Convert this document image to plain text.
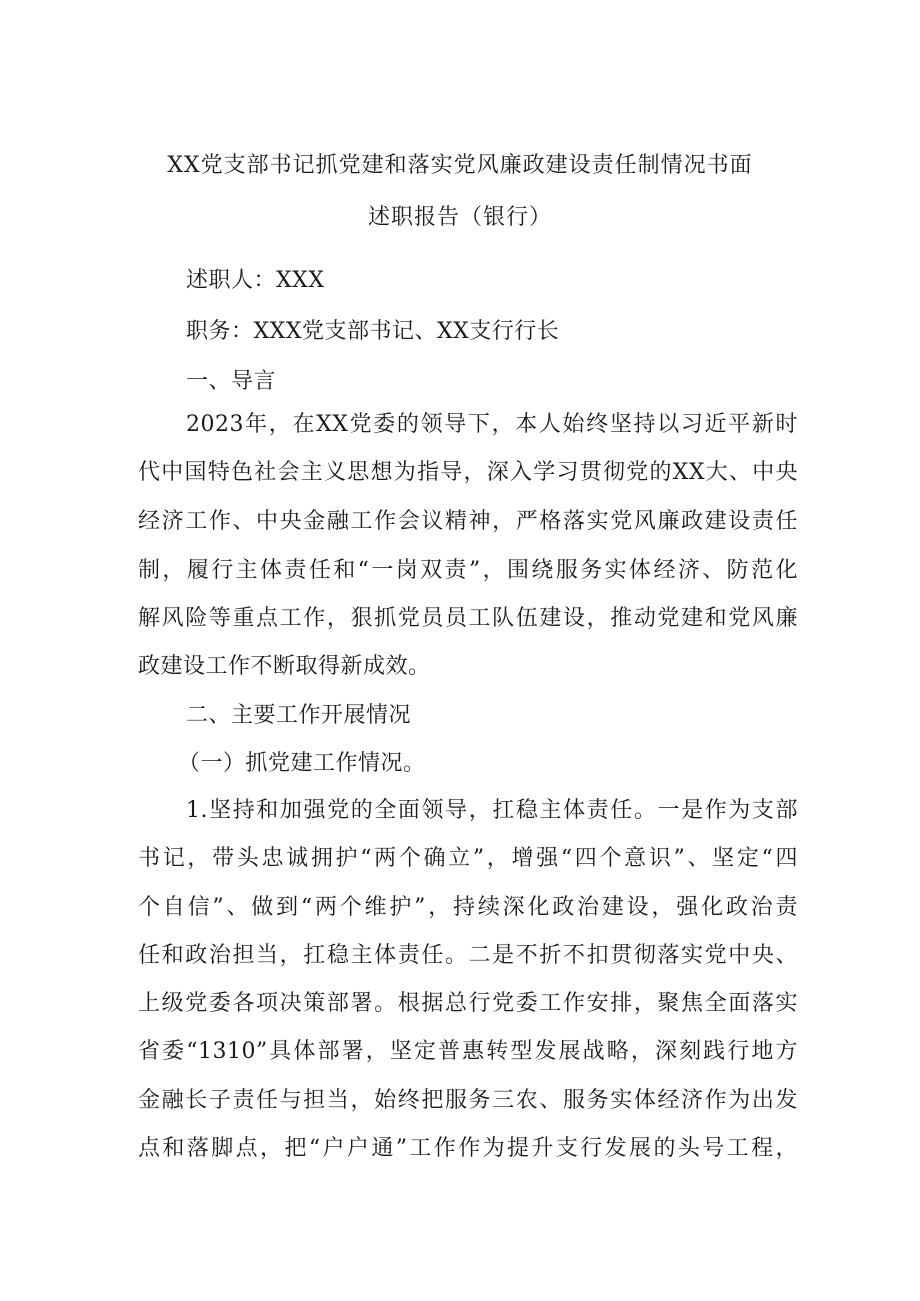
XX党支部书记抓党建和落实党风廉政建设责任制情况书面
述职报告（银行）
述职人：XXX
职务：XXX党支部书记、XX支行行长
一、导言
2023年，在XX党委的领导下，本人始终坚持以习近平新时
代中国特色社会主义思想为指导，深入学习贯彻党的XX大、中央
经济工作、中央金融工作会议精神，严格落实党风廉政建设责任
制，履行主体责任和“一岗双责”，围绕服务实体经济、防范化
解风险等重点工作，狠抓党员员工队伍建设，推动党建和党风廉
政建设工作不断取得新成效。
二、主要工作开展情况
（一）抓党建工作情况。
1.坚持和加强党的全面领导，扛稳主体责任。一是作为支部
书记，带头忠诚拥护“两个确立”，增强“四个意识”、坚定“四
个自信”、做到“两个维护”，持续深化政治建设，强化政治责
任和政治担当，扛稳主体责任。二是不折不扣贯彻落实党中央、
上级党委各项决策部署。根据总行党委工作安排，聚焦全面落实
省委“1310”具体部署，坚定普惠转型发展战略，深刻践行地方
金融长子责任与担当，始终把服务三农、服务实体经济作为出发
点和落脚点，把“户户通”工作作为提升支行发展的头号工程，
